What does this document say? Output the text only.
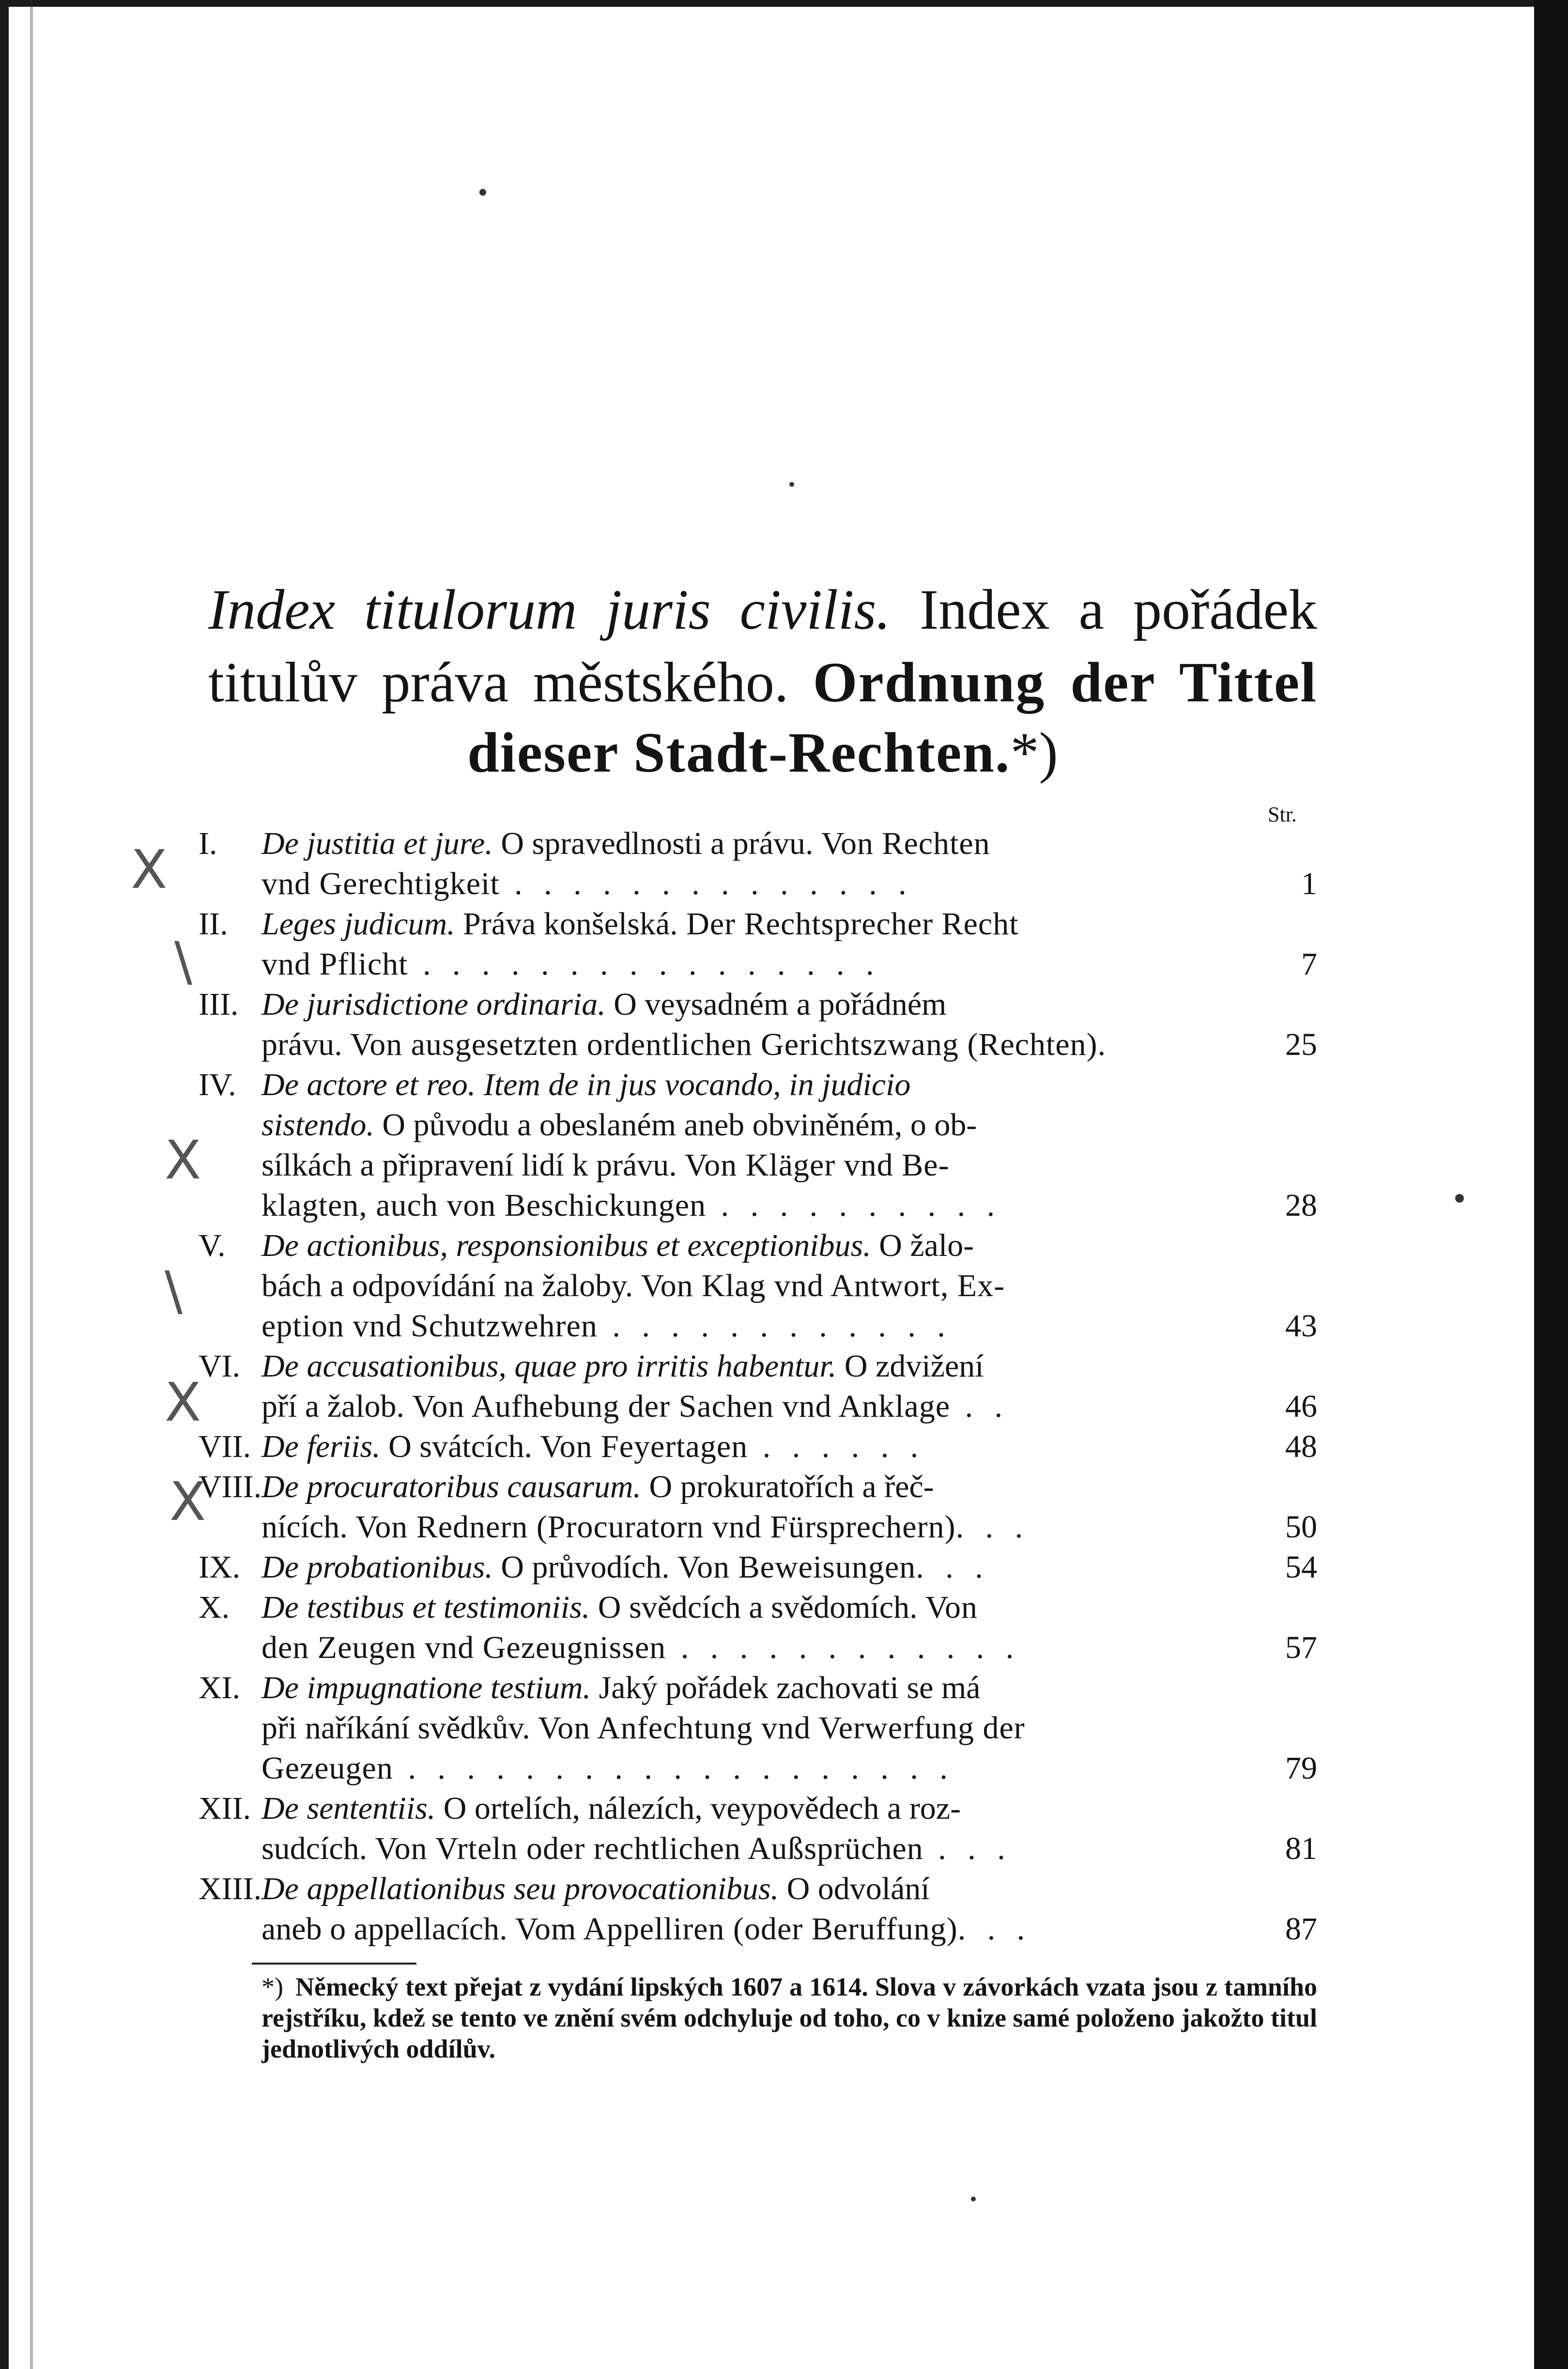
Index titulorum juris civilis. Index a pořádek
titulův práva městského. Ordnung der Tittel
dieser Stadt-Rechten.*)
Str.
I.	De justitia et jure. O spravedlnosti a právu. Von Rechten
vnd Gerechtigkeit . . . . . . . . . . . . . .	1
II.	Leges judicum. Práva konšelská. Der Rechtsprecher Recht
vnd Pflicht . . . . . . . . . . . . . . . .	7
III. De jurisdictione ordinaria. O veysadném a pořádném
právu. Von ausgesetzten ordentlichen Gerichtszwang (Rechten).	25
IV. De actore et reo. Item de in jus vocando, in judicio
sistendo. O původu a obeslaném aneb obviněném, o ob-
sílkách a připravení lidí k právu. Von Kläger vnd Be-
klagten, auch von Beschickungen . . . . . . . . . .	28
V.	De actionibus, responsionibus et exceptionibus. O žalo-
bách a odpovídání na žaloby. Von Klag vnd Antwort, Ex-
eption vnd Schutzwehren . . . . . . . . . . . .	43
VI. De accusationibus, quae pro irritis habentur. O zdvižení
pří a žalob. Von Aufhebung der Sachen vnd Anklage . .	46
VII. De feriis. O svátcích. Von Feyertagen . . . . . .	48
VIII. De procuratoribus causarum. O prokuratořích a řeč-
nících. Von Rednern (Procuratorn vnd Fürsprechern). . .	50
IX. De probationibus. O průvodích. Von Beweisungen. . .	54
X. De testibus et testimoniis. O svědcích a svědomích. Von
den Zeugen vnd Gezeugnissen . . . . . . . . . . . .	57
XI. De impugnatione testium. Jaký pořádek zachovati se má
při naříkání svědkův. Von Anfechtung vnd Verwerfung der
Gezeugen . . . . . . . . . . . . . . . . . . .	79
XII. De sententiis. O ortelích, nálezích, veypovědech a roz-
sudcích. Von Vrteln oder rechtlichen Außsprüchen . . .	81
XIII. De appellationibus seu provocationibus. O odvolání
aneb o appellacích. Vom Appelliren (oder Beruffung). . .	87
*) Německý text přejat z vydání lipských 1607 a 1614. Slova v závorkách vzata jsou z tamního rejstříku, kdež se tento ve znění svém odchyluje od toho, co v knize samé položeno jakožto titul jednotlivých oddílův.
X
\
X
\
X
X
